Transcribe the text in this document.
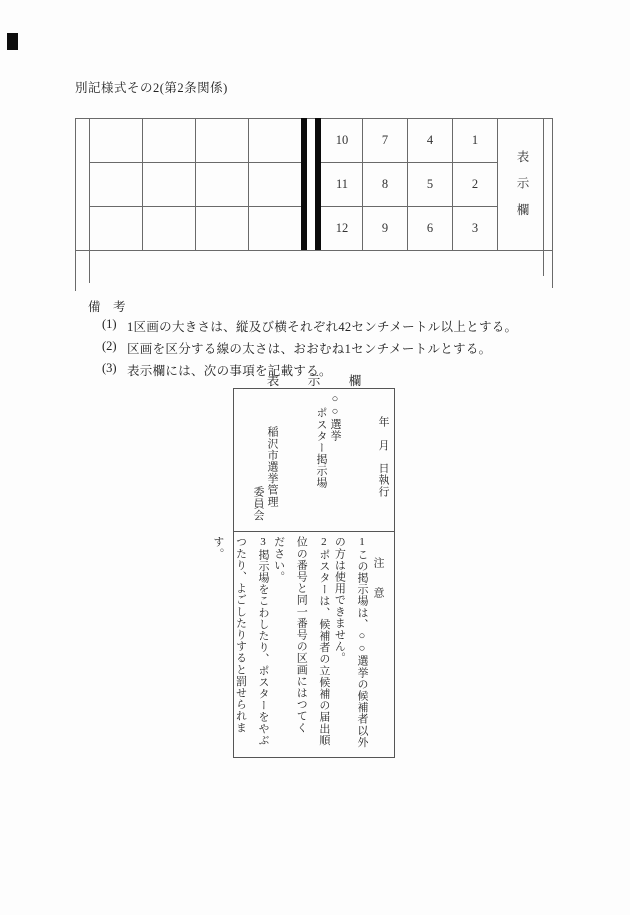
別記様式その2(第2条関係)
10	7	4	1
11	8	5	2
12	9	6	3	表示欄
備　考
(1) 1区画の大きさは、縦及び横それぞれ42センチメートル以上とする。
(2) 区画を区分する線の太さは、おおむね1センチメートルとする。
(3) 表示欄には、次の事項を記載する。
表　示　欄
年　月　日執行
○○選挙
ポスター掲示場
稲沢市選挙管理
委員会
注　意
1この掲示場は、○○選挙の候補者以外
の方は使用できません。
2ポスターは、候補者の立候補の届出順
位の番号と同一番号の区画にはつてく
ださい。
3掲示場をこわしたり、ポスターをやぶ
つたり、よごしたりすると罰せられま
す。
